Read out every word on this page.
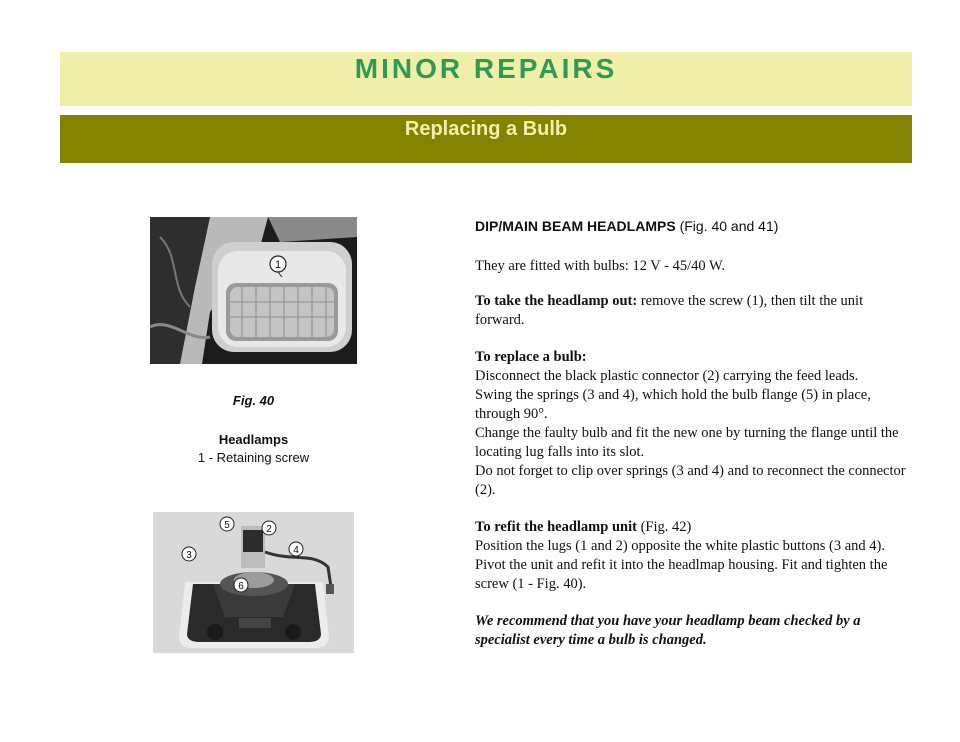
MINOR REPAIRS
Replacing a Bulb
1
Fig. 40
Headlamps
1 - Retaining screw
5	2
3	4
6

DIP/MAIN BEAM HEADLAMPS (Fig. 40 and 41)

They are fitted with bulbs: 12 V - 45/40 W.

To take the headlamp out: remove the screw (1), then tilt the unit forward.

To replace a bulb:

Disconnect the black plastic connector (2) carrying the feed leads.

Swing the springs (3 and 4), which hold the bulb flange (5) in place, through 90°.

Change the faulty bulb and fit the new one by turning the flange until the locating lug falls into its slot.

Do not forget to clip over springs (3 and 4) and to reconnect the connector (2).

To refit the headlamp unit (Fig. 42)

Position the lugs (1 and 2) opposite the white plastic buttons (3 and 4).

Pivot the unit and refit it into the headlmap housing. Fit and tighten the screw (1 - Fig. 40).

We recommend that you have your headlamp beam checked by a specialist every time a bulb is changed.
